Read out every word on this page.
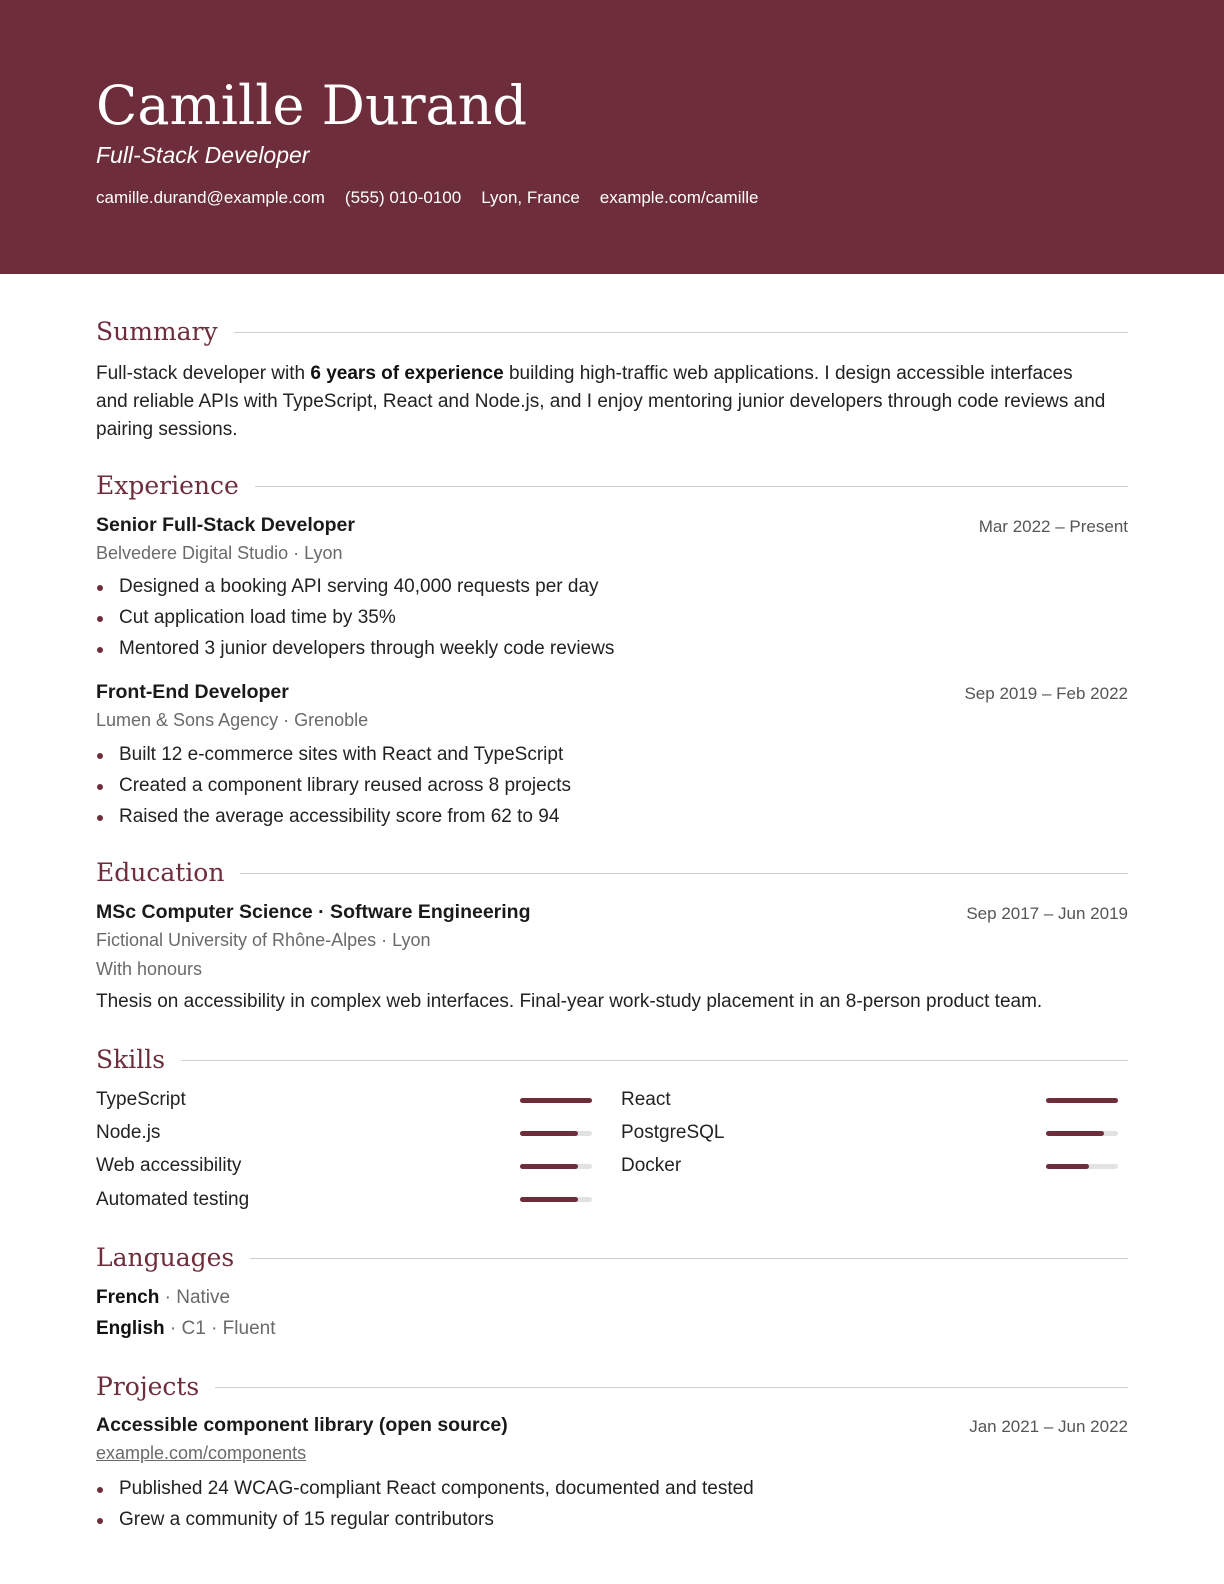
Camille Durand
Full-Stack Developer
camille.durand@example.com (555) 010-0100 Lyon, France example.com/camille
Summary
Full-stack developer with 6 years of experience building high-traffic web applications. I design accessible interfaces and reliable APIs with TypeScript, React and Node.js, and I enjoy mentoring junior developers through code reviews and pairing sessions.
Experience
Senior Full-Stack Developer	Mar 2022 – Present
Belvedere Digital Studio · Lyon
Designed a booking API serving 40,000 requests per day
Cut application load time by 35%
Mentored 3 junior developers through weekly code reviews
Front-End Developer	Sep 2019 – Feb 2022
Lumen & Sons Agency · Grenoble
Built 12 e-commerce sites with React and TypeScript
Created a component library reused across 8 projects
Raised the average accessibility score from 62 to 94
Education
MSc Computer Science · Software Engineering	Sep 2017 – Jun 2019
Fictional University of Rhône-Alpes · Lyon
With honours
Thesis on accessibility in complex web interfaces. Final-year work-study placement in an 8-person product team.
Skills
TypeScript	React
Node.js	PostgreSQL
Web accessibility	Docker
Automated testing
Languages
French · Native
English · C1 · Fluent
Projects
Accessible component library (open source)	Jan 2021 – Jun 2022
example.com/components
Published 24 WCAG-compliant React components, documented and tested
Grew a community of 15 regular contributors
